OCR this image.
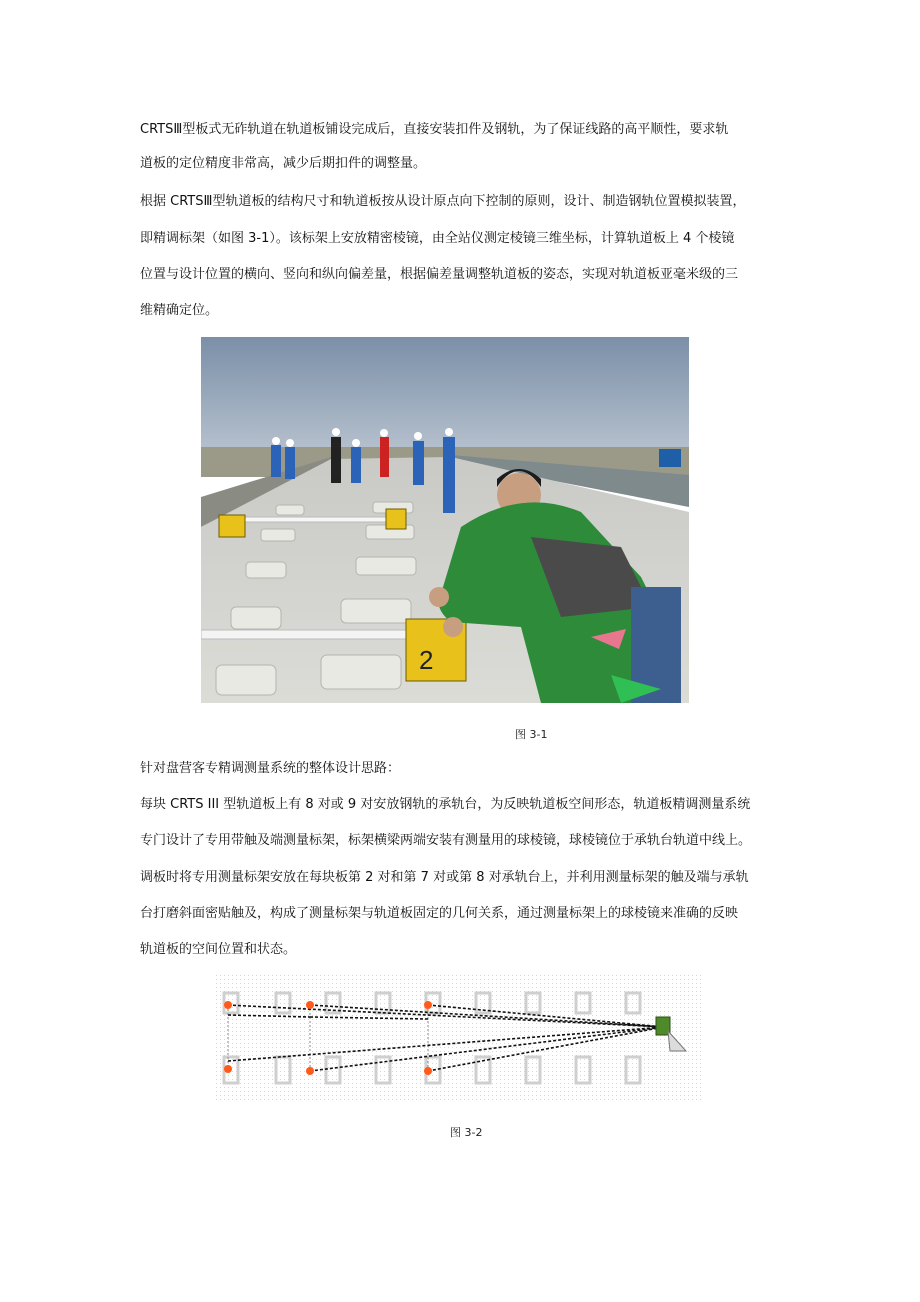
CRTSⅢ型板式无砟轨道在轨道板铺设完成后，直接安装扣件及钢轨，为了保证线路的高平顺性，要求轨
道板的定位精度非常高，减少后期扣件的调整量。
根据 CRTSⅢ型轨道板的结构尺寸和轨道板按从设计原点向下控制的原则，设计、制造钢轨位置模拟装置，
即精调标架（如图 3-1）。该标架上安放精密棱镜，由全站仪测定棱镜三维坐标，计算轨道板上 4 个棱镜
位置与设计位置的横向、竖向和纵向偏差量，根据偏差量调整轨道板的姿态，实现对轨道板亚毫米级的三
维精确定位。
2
图 3-1
针对盘营客专精调测量系统的整体设计思路：
每块 CRTS III 型轨道板上有 8 对或 9 对安放钢轨的承轨台，为反映轨道板空间形态，轨道板精调测量系统
专门设计了专用带触及端测量标架，标架横梁两端安装有测量用的球棱镜，球棱镜位于承轨台轨道中线上。
调板时将专用测量标架安放在每块板第 2 对和第 7 对或第 8 对承轨台上，并利用测量标架的触及端与承轨
台打磨斜面密贴触及，构成了测量标架与轨道板固定的几何关系，通过测量标架上的球棱镜来准确的反映
轨道板的空间位置和状态。
图 3-2
